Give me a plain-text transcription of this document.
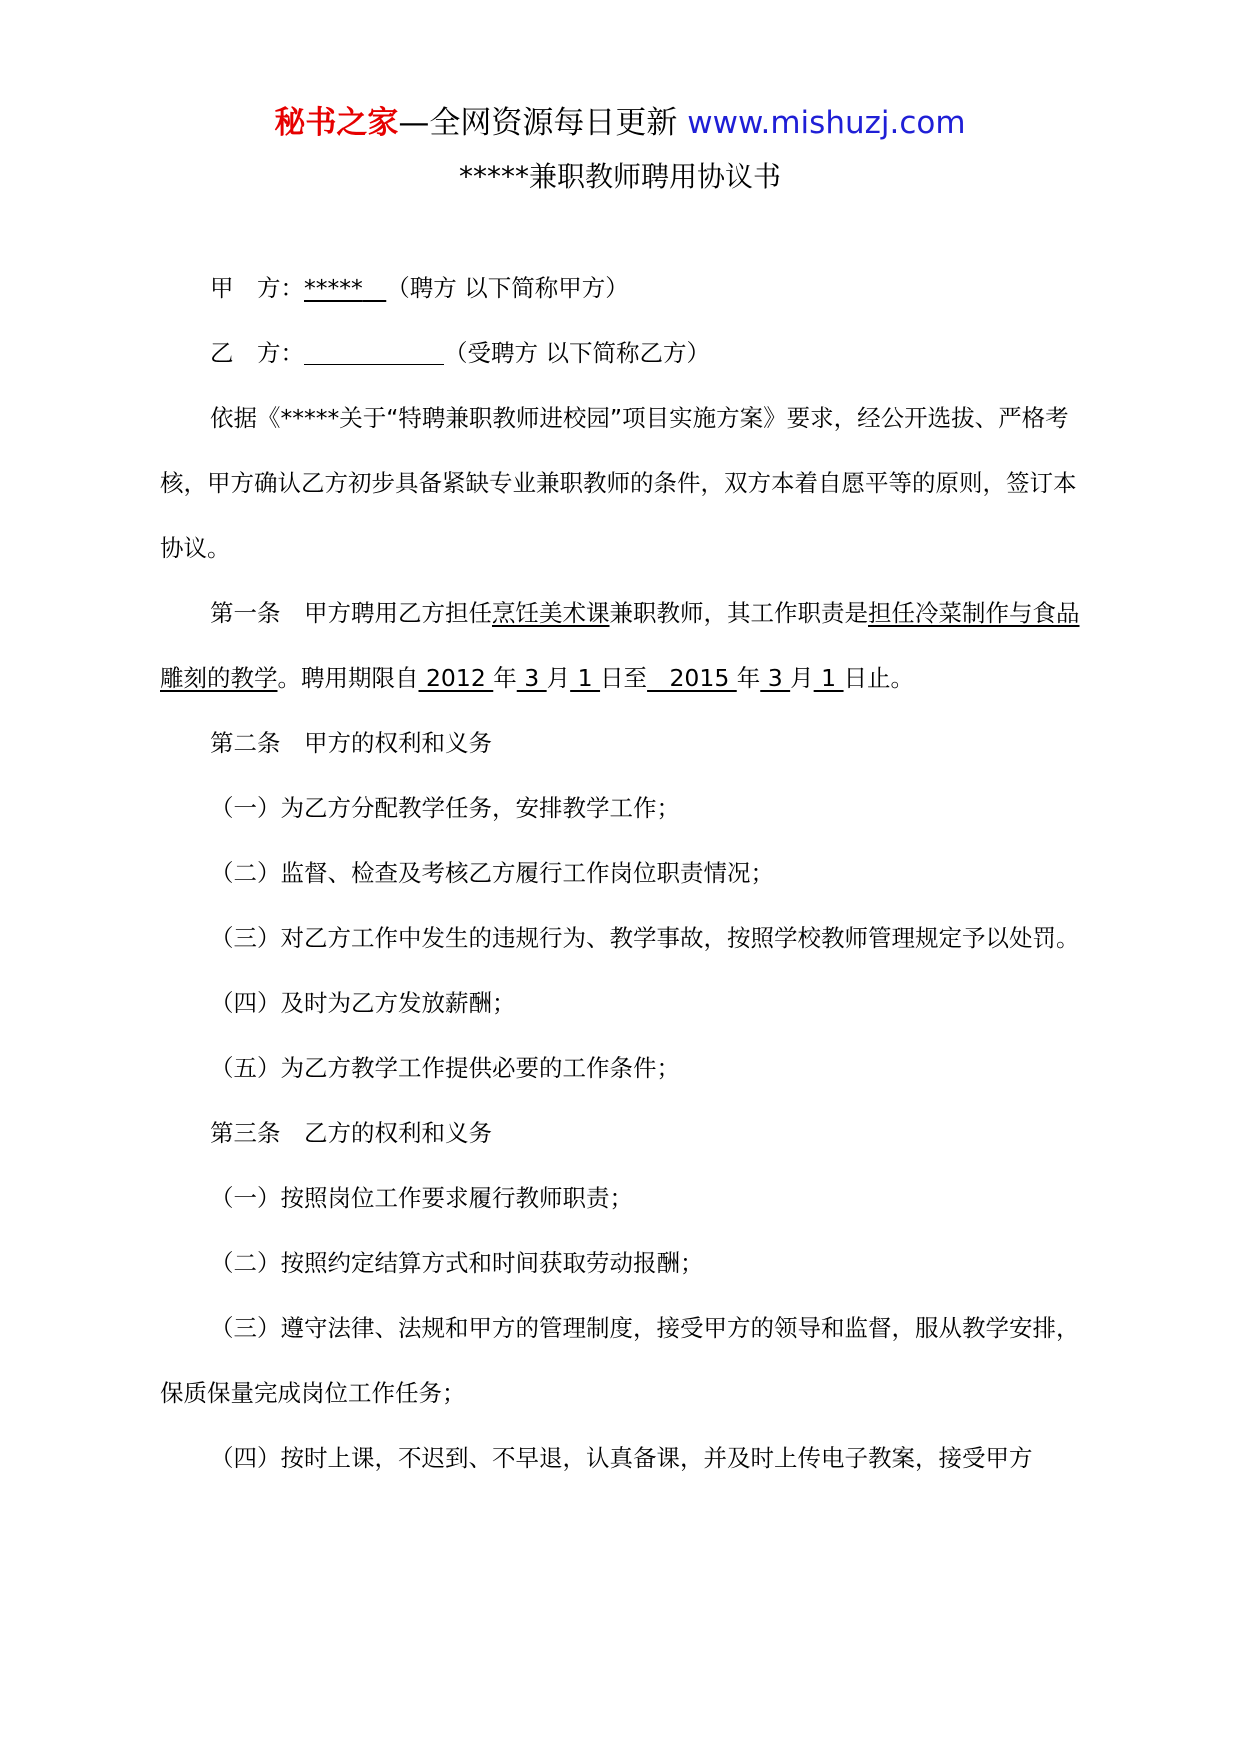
秘书之家—全网资源每日更新 www.mishuzj.com
*****兼职教师聘用协议书

甲　方：*****   （聘方 以下简称甲方）

乙　方：	（受聘方 以下简称乙方）

依据《*****关于“特聘兼职教师进校园”项目实施方案》要求，经公开选拔、严格考核，甲方确认乙方初步具备紧缺专业兼职教师的条件，双方本着自愿平等的原则，签订本协议。

第一条　甲方聘用乙方担任烹饪美术课兼职教师，其工作职责是担任冷菜制作与食品雕刻的教学。聘用期限自 2012 年 3 月 1 日至   2015 年 3 月 1 日止。

第二条　甲方的权利和义务

（一）为乙方分配教学任务，安排教学工作；

（二）监督、检查及考核乙方履行工作岗位职责情况；

（三）对乙方工作中发生的违规行为、教学事故，按照学校教师管理规定予以处罚。

（四）及时为乙方发放薪酬；

（五）为乙方教学工作提供必要的工作条件；

第三条　乙方的权利和义务

（一）按照岗位工作要求履行教师职责；

（二）按照约定结算方式和时间获取劳动报酬；

（三）遵守法律、法规和甲方的管理制度，接受甲方的领导和监督，服从教学安排，保质保量完成岗位工作任务；

（四）按时上课，不迟到、不早退，认真备课，并及时上传电子教案，接受甲方
